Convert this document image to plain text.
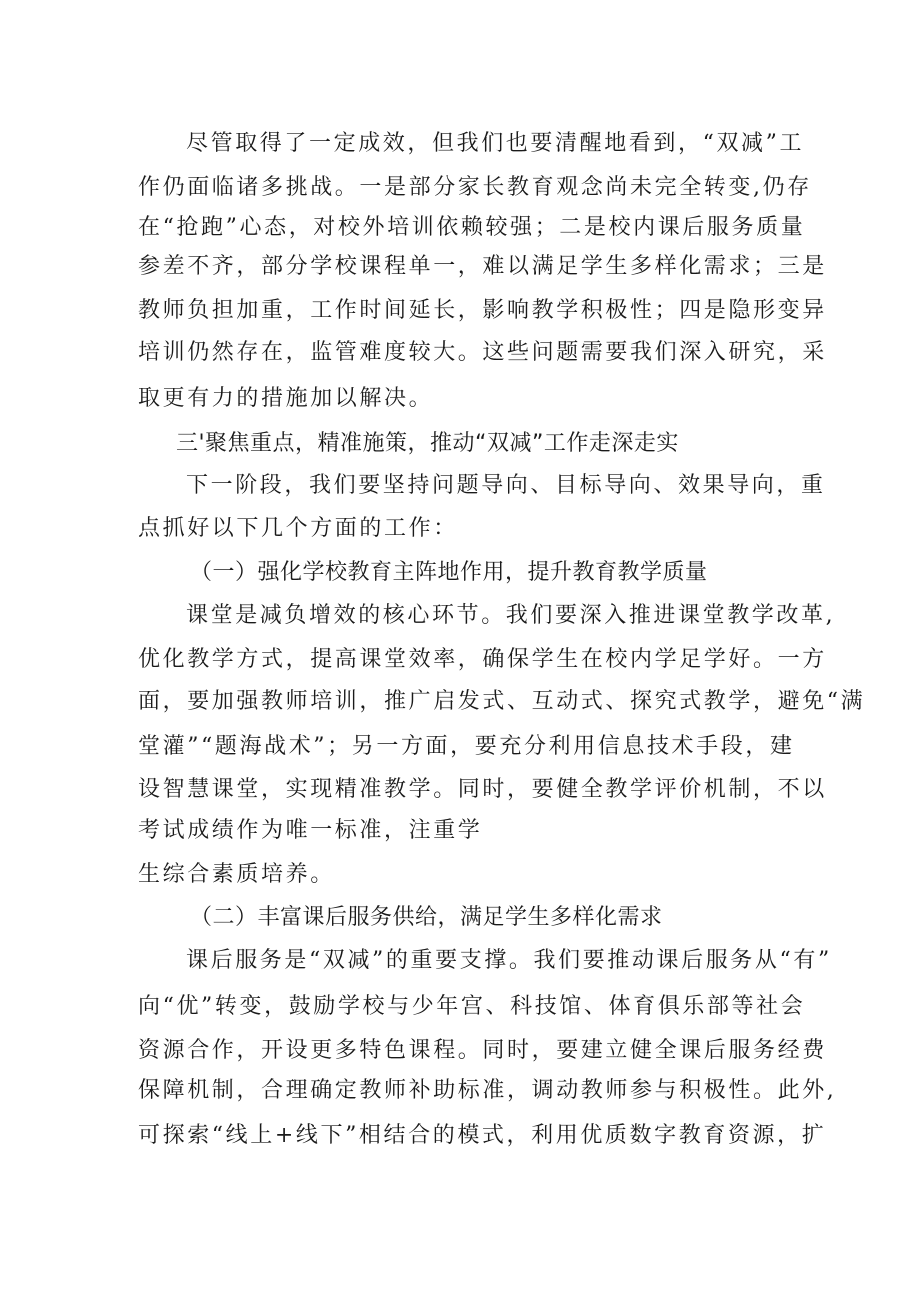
尽管取得了一定成效，但我们也要清醒地看到，“双减”工
作仍面临诸多挑战。一是部分家长教育观念尚未完全转变,仍存
在“抢跑”心态，对校外培训依赖较强；二是校内课后服务质量
参差不齐，部分学校课程单一，难以满足学生多样化需求；三是
教师负担加重，工作时间延长，影响教学积极性；四是隐形变异
培训仍然存在，监管难度较大。这些问题需要我们深入研究，采
取更有力的措施加以解决。
三'聚焦重点，精准施策，推动“双减”工作走深走实
下一阶段，我们要坚持问题导向、目标导向、效果导向，重
点抓好以下几个方面的工作：
（一）强化学校教育主阵地作用，提升教育教学质量
课堂是减负增效的核心环节。我们要深入推进课堂教学改革,
优化教学方式，提高课堂效率，确保学生在校内学足学好。一方
面，要加强教师培训，推广启发式、互动式、探究式教学，避免“满
堂灌”“题海战术”；另一方面，要充分利用信息技术手段，建
设智慧课堂，实现精准教学。同时，要健全教学评价机制，不以
考试成绩作为唯一标准，注重学
生综合素质培养。
（二）丰富课后服务供给，满足学生多样化需求
课后服务是“双减”的重要支撑。我们要推动课后服务从“有”
向“优”转变，鼓励学校与少年宫、科技馆、体育俱乐部等社会
资源合作，开设更多特色课程。同时，要建立健全课后服务经费
保障机制，合理确定教师补助标准，调动教师参与积极性。此外,
可探索“线上+线下”相结合的模式，利用优质数字教育资源，扩
